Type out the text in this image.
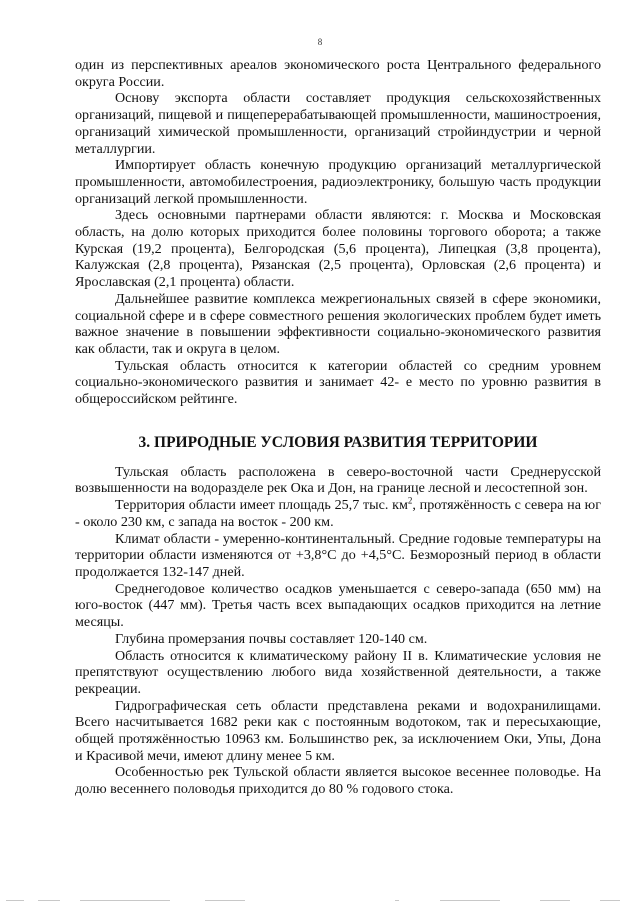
8

один из перспективных ареалов экономического роста Центрального федерального округа России.

Основу экспорта области составляет продукция сельскохозяйственных организаций, пищевой и пищеперерабатывающей промышленности, машиностроения, организаций химической промышленности, организаций стройиндустрии и черной металлургии.

Импортирует область конечную продукцию организаций металлургической промышленности, автомобилестроения, радиоэлектронику, большую часть продукции организаций легкой промышленности.

Здесь основными партнерами области являются: г. Москва и Московская область, на долю которых приходится более половины торгового оборота; а также Курская (19,2 процента), Белгородская (5,6 процента), Липецкая (3,8 процента), Калужская (2,8 процента), Рязанская (2,5 процента), Орловская (2,6 процента) и Ярославская (2,1 процента) области.

Дальнейшее развитие комплекса межрегиональных связей в сфере экономики, социальной сфере и в сфере совместного решения экологических проблем будет иметь важное значение в повышении эффективности социально-экономического развития как области, так и округа в целом.

Тульская область относится к категории областей со средним уровнем социально-экономического развития и занимает 42- е место по уровню развития в общероссийском рейтинге.

3. ПРИРОДНЫЕ УСЛОВИЯ РАЗВИТИЯ ТЕРРИТОРИИ

Тульская область расположена в северо-восточной части Среднерусской возвышенности на водоразделе рек Ока и Дон, на границе лесной и лесостепной зон.

Территория области имеет площадь 25,7 тыс. $км^2$, протяжённость с севера на юг - около 230 км, с запада на восток - 200 км.

Климат области - умеренно-континентальный. Средние годовые температуры на территории области изменяются от +3,8°C до +4,5°C. Безморозный период в области продолжается 132-147 дней.

Среднегодовое количество осадков уменьшается с северо-запада (650 мм) на юго-восток (447 мм). Третья часть всех выпадающих осадков приходится на летние месяцы.

Глубина промерзания почвы составляет 120-140 см.

Область относится к климатическому району II в. Климатические условия не препятствуют осуществлению любого вида хозяйственной деятельности, а также рекреации.

Гидрографическая сеть области представлена реками и водохранилищами. Всего насчитывается 1682 реки как с постоянным водотоком, так и пересыхающие, общей протяжённостью 10963 км. Большинство рек, за исключением Оки, Упы, Дона и Красивой мечи, имеют длину менее 5 км.

Особенностью рек Тульской области является высокое весеннее половодье. На долю весеннего половодья приходится до 80 % годового стока.
